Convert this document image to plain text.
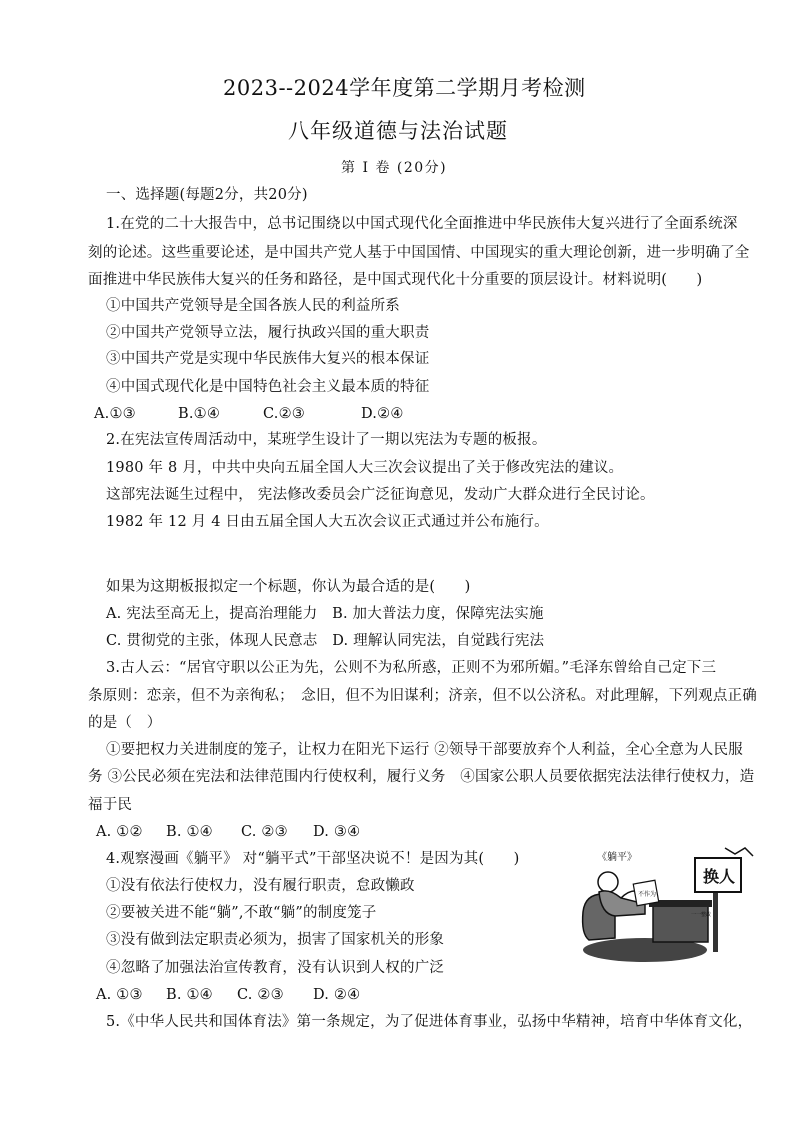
2023--2024学年度第二学期月考检测
八年级道德与法治试题
第 Ⅰ 卷 (20分)
一、选择题(每题2分，共20分)
1.在党的二十大报告中，总书记围绕以中国式现代化全面推进中华民族伟大复兴进行了全面系统深
刻的论述。这些重要论述，是中国共产党人基于中国国情、中国现实的重大理论创新，进一步明确了全
面推进中华民族伟大复兴的任务和路径，是中国式现代化十分重要的顶层设计。材料说明(　　)
①中国共产党领导是全国各族人民的利益所系
②中国共产党领导立法，履行执政兴国的重大职责
③中国共产党是实现中华民族伟大复兴的根本保证
④中国式现代化是中国特色社会主义最本质的特征
A.①③	B.①④	C.②③	D.②④
2.在宪法宣传周活动中，某班学生设计了一期以宪法为专题的板报。
1980 年 8 月，中共中央向五届全国人大三次会议提出了关于修改宪法的建议。
这部宪法诞生过程中， 宪法修改委员会广泛征询意见，发动广大群众进行全民讨论。
1982 年 12 月 4 日由五届全国人大五次会议正式通过并公布施行。
如果为这期板报拟定一个标题，你认为最合适的是(　　)
A. 宪法至高无上，提高治理能力　B. 加大普法力度，保障宪法实施
C. 贯彻党的主张，体现人民意志　D. 理解认同宪法，自觉践行宪法
3.古人云：“居官守职以公正为先，公则不为私所惑，正则不为邪所媚。”毛泽东曾给自己定下三
条原则：恋亲，但不为亲徇私；　念旧，但不为旧谋利；济亲，但不以公济私。对此理解，下列观点正确
的是（　）
①要把权力关进制度的笼子，让权力在阳光下运行 ②领导干部要放弃个人利益，全心全意为人民服
务 ③公民必须在宪法和法律范围内行使权利，履行义务　④国家公职人员要依据宪法法律行使权力，造
福于民
A. ①② B. ①④ C. ②③ D. ③④
4.观察漫画《躺平》 对“躺平式”干部坚决说不！是因为其(　　)
①没有依法行使权力，没有履行职责，怠政懒政
②要被关进不能“躺”,不敢“躺”的制度笼子
③没有做到法定职责必须为，损害了国家机关的形象
④忽略了加强法治宣传教育，没有认识到人权的广泛
A. ①③ B. ①④ C. ②③ D. ②④
不作为
换人
一一整改
《躺平》
5.《中华人民共和国体育法》第一条规定，为了促进体育事业，弘扬中华精神，培育中华体育文化，
